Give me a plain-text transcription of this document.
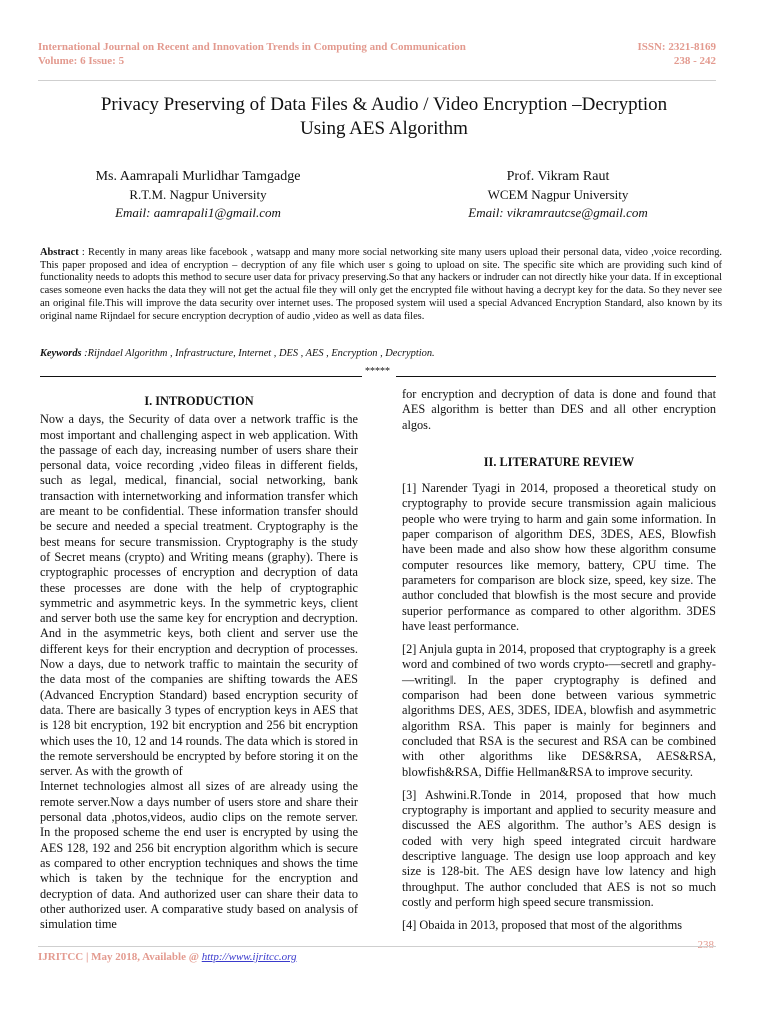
International Journal on Recent and Innovation Trends in Computing and Communication
Volume: 6 Issue: 5
ISSN: 2321-8169
238 - 242
Privacy Preserving of Data Files & Audio / Video Encryption –Decryption
Using AES Algorithm
Ms. Aamrapali Murlidhar Tamgadge
R.T.M. Nagpur University
Email: aamrapali1@gmail.com
Prof. Vikram Raut
WCEM Nagpur University
Email: vikramrautcse@gmail.com
Abstract : Recently in many areas like facebook , watsapp and many more social networking site many users upload their personal data, video ,voice recording. This paper proposed and idea of encryption – decryption of any file which user s going to upload on site. The specific site which are providing such kind of functionality needs to adopts this method to secure user data for privacy preserving.So that any hackers or indruder can not directly hike your data. If in exceptional cases someone even hacks the data they will not get the actual file they will only get the encrypted file without having a decrypt key for the data. So they never see an original file.This will improve the data security over internet uses. The proposed system wiil used a special Advanced Encryption Standard, also known by its original name Rijndael for secure encryption decryption of audio ,video as well as data files.
Keywords :Rijndael Algorithm , Infrastructure, Internet , DES , AES , Encryption , Decryption.
*****
I. INTRODUCTION

Now a days, the Security of data over a network traffic is the most important and challenging aspect in web application. With the passage of each day, increasing number of users share their personal data, voice recording ,video fileas in different fields, such as legal, medical, financial, social networking, bank transaction with internetworking and information transfer which are meant to be confidential. These information transfer should be secure and needed a special treatment. Cryptography is the best means for secure transmission. Cryptography is the study of Secret means (crypto) and Writing means (graphy). There is cryptographic processes of encryption and decryption of data these processes are done with the help of cryptographic symmetric and asymmetric keys. In the symmetric keys, client and server both use the same key for encryption and decryption. And in the asymmetric keys, both client and server use the different keys for their encryption and decryption of processes. Now a days, due to network traffic to maintain the security of the data most of the companies are shifting towards the AES (Advanced Encryption Standard) based encryption security of data. There are basically 3 types of encryption keys in AES that is 128 bit encryption, 192 bit encryption and 256 bit encryption which uses the 10, 12 and 14 rounds. The data which is stored in the remote servershould be encrypted by before storing it on the server. As with the growth of

Internet technologies almost all sizes of are already using the remote server.Now a days number of users store and share their personal data ,photos,videos, audio clips on the remote server. In the proposed scheme the end user is encrypted by using the AES 128, 192 and 256 bit encryption algorithm which is secure as compared to other encryption techniques and shows the time which is taken by the technique for the encryption and decryption of data. And authorized user can share their data to other authorized user. A comparative study based on analysis of simulation time

for encryption and decryption of data is done and found that AES algorithm is better than DES and all other encryption algos.

II. LITERATURE REVIEW

[1] Narender Tyagi in 2014, proposed a theoretical study on cryptography to provide secure transmission again malicious people who were trying to harm and gain some information. In paper comparison of algorithm DES, 3DES, AES, Blowfish have been made and also show how these algorithm consume computer resources like memory, battery, CPU time. The parameters for comparison are block size, speed, key size. The author concluded that blowfish is the most secure and provide superior performance as compared to other algorithm. 3DES have least performance.

[2] Anjula gupta in 2014, proposed that cryptography is a greek word and combined of two words crypto-—secret‖ and graphy-—writing‖. In the paper cryptography is defined and comparison had been done between various symmetric algorithms DES, AES, 3DES, IDEA, blowfish and asymmetric algorithm RSA. This paper is mainly for beginners and concluded that RSA is the securest and RSA can be combined with other algorithms like DES&RSA, AES&RSA, blowfish&RSA, Diffie Hellman&RSA to improve security.

[3] Ashwini.R.Tonde in 2014, proposed that how much cryptography is important and applied to security measure and discussed the AES algorithm. The author’s AES design is coded with very high speed integrated circuit hardware descriptive language. The design use loop approach and key size is 128-bit. The AES design have low latency and high throughput. The author concluded that AES is not so much costly and perform high speed secure transmission.

[4] Obaida in 2013, proposed that most of the algorithms

238
IJRITCC | May 2018, Available @ http://www.ijritcc.org
